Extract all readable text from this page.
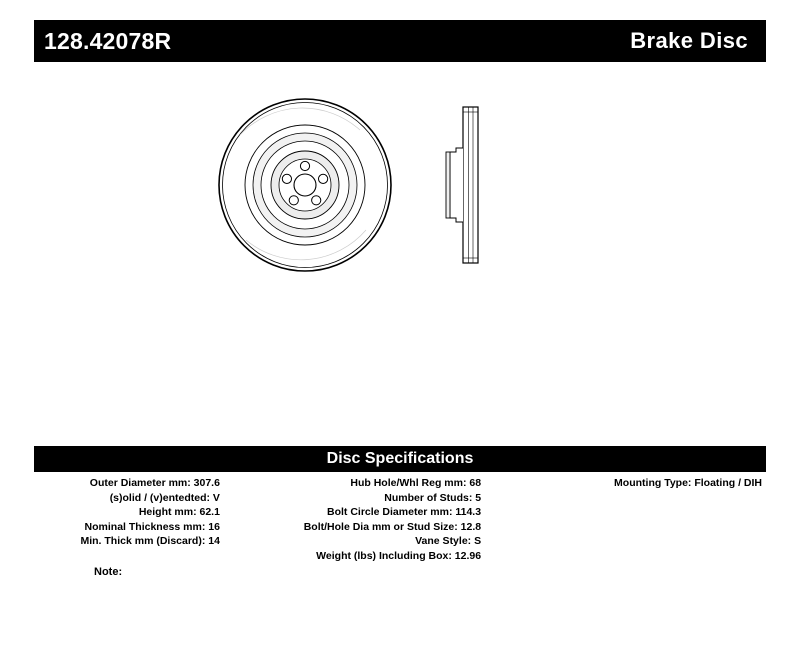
128.42078R	Brake Disc
Disc Specifications
Outer Diameter mm: 307.6
(s)olid / (v)entedted: V
Height mm: 62.1
Nominal Thickness mm: 16
Min. Thick mm (Discard): 14
Hub Hole/Whl Reg mm: 68
Number of Studs: 5
Bolt Circle Diameter mm: 114.3
Bolt/Hole Dia mm or Stud Size: 12.8
Vane Style: S
Weight (lbs) Including Box: 12.96
Mounting Type: Floating / DIH
Note:
